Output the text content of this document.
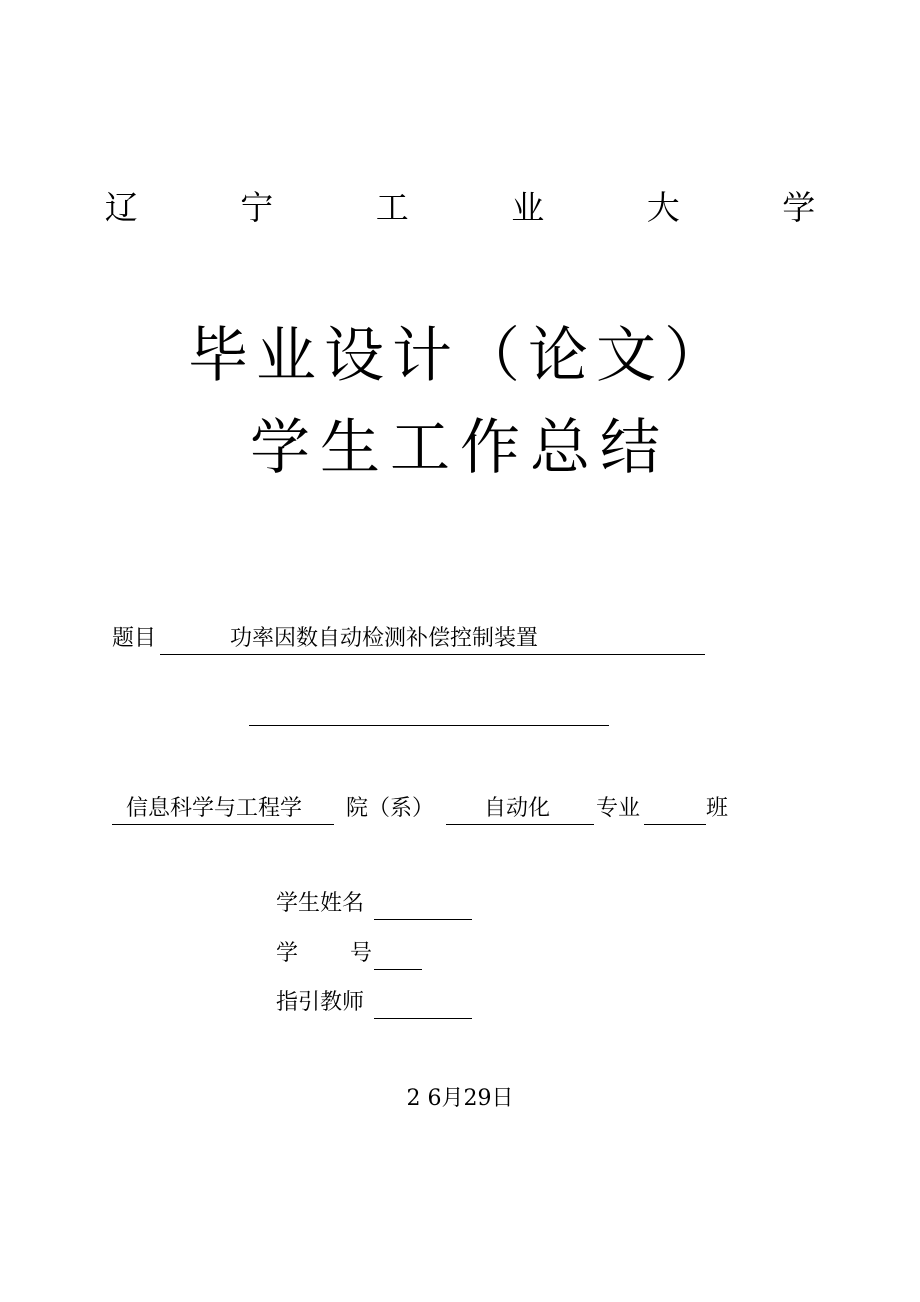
辽 宁 工 业 大 学
毕业设计（论文）
学生工作总结
题目	功率因数自动检测补偿控制装置
信息科学与工程学 院（系） 自动化 专业	班
学生姓名
学 号
指引教师
2 6月29日
